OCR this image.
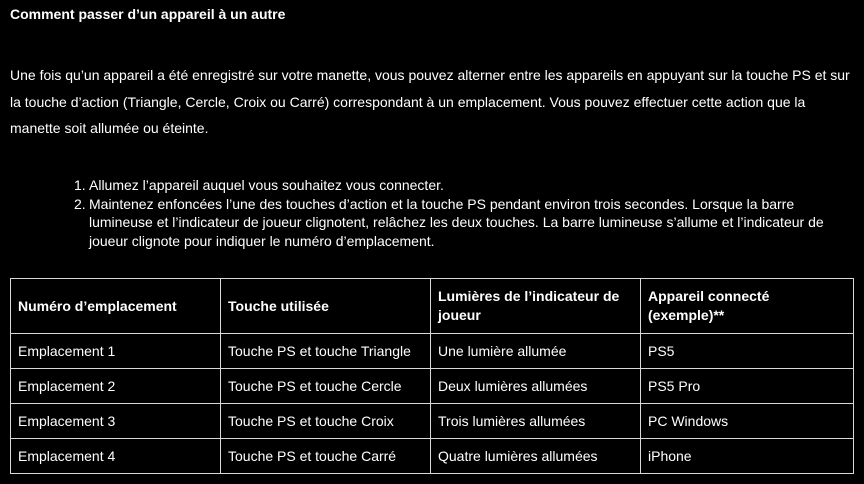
Comment passer d’un appareil à un autre

Une fois qu’un appareil a été enregistré sur votre manette, vous pouvez alterner entre les appareils en appuyant sur la touche PS et sur la touche d’action (Triangle, Cercle, Croix ou Carré) correspondant à un emplacement. Vous pouvez effectuer cette action que la manette soit allumée ou éteinte.

1. Allumez l’appareil auquel vous souhaitez vous connecter.
2. Maintenez enfoncées l’une des touches d’action et la touche PS pendant environ trois secondes. Lorsque la barre lumineuse et l’indicateur de joueur clignotent, relâchez les deux touches. La barre lumineuse s’allume et l’indicateur de joueur clignote pour indiquer le numéro d’emplacement.
Numéro d’emplacement	Touche utilisée	Lumières de l’indicateur de joueur	Appareil connecté (exemple)**
Emplacement 1	Touche PS et touche Triangle	Une lumière allumée	PS5
Emplacement 2	Touche PS et touche Cercle	Deux lumières allumées	PS5 Pro
Emplacement 3	Touche PS et touche Croix	Trois lumières allumées	PC Windows
Emplacement 4	Touche PS et touche Carré	Quatre lumières allumées	iPhone
